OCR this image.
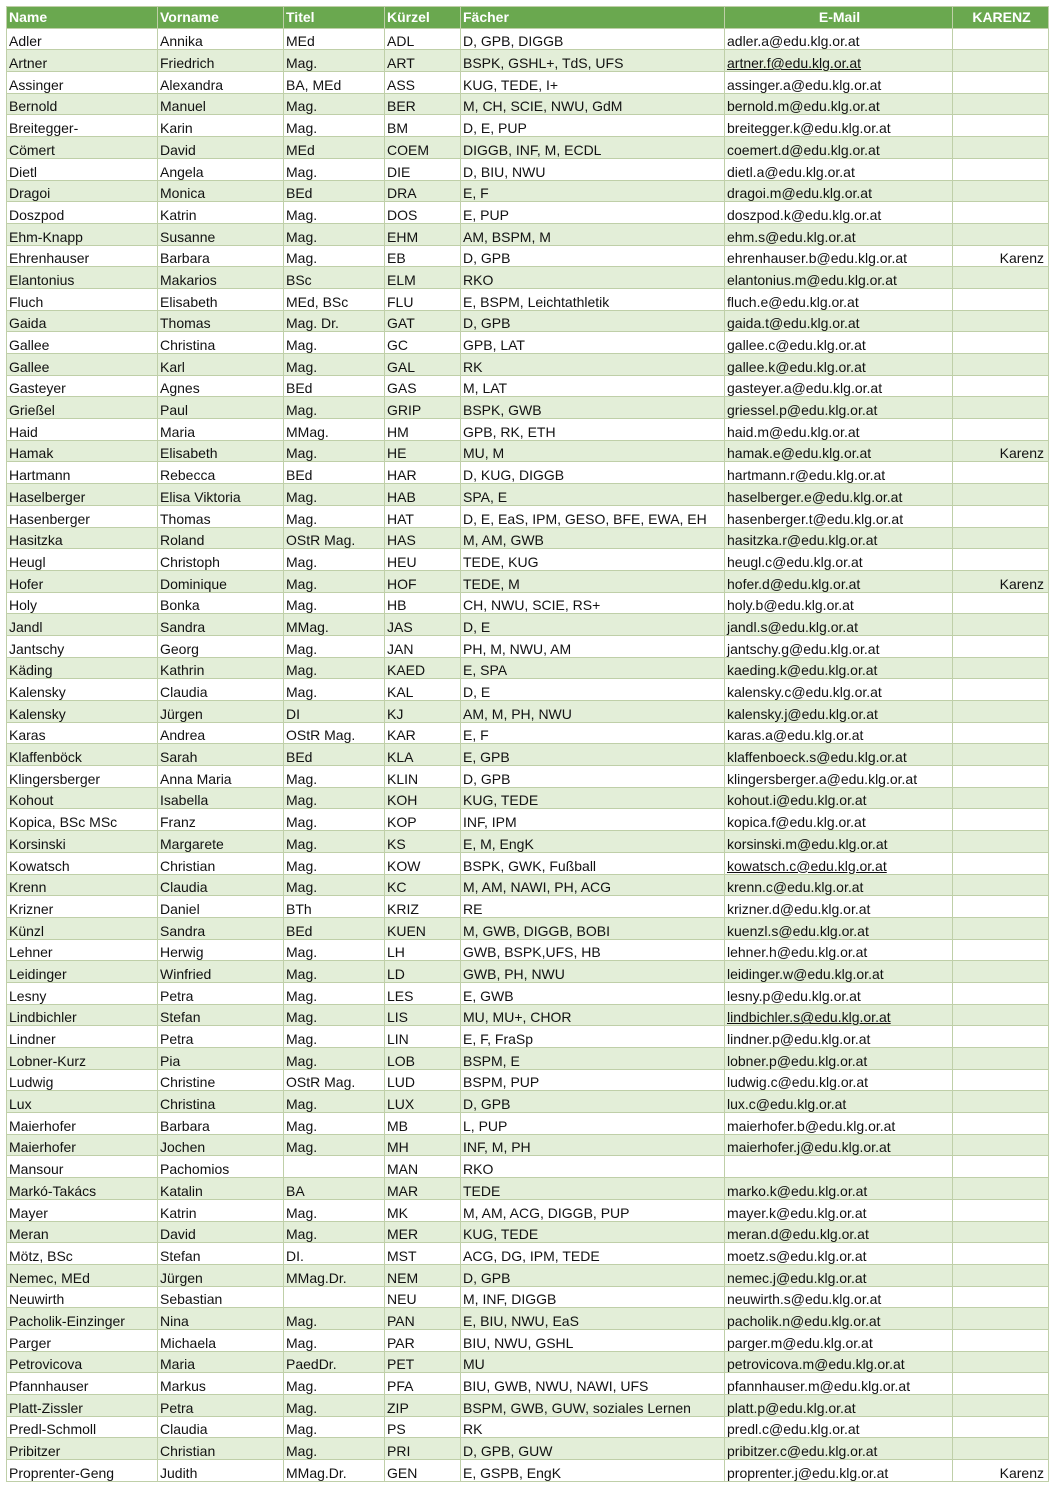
Name	Vorname	Titel	Kürzel	Fächer	E-Mail	KARENZ
Adler	Annika	MEd	ADL	D, GPB, DIGGB	adler.a@edu.klg.or.at	
Artner	Friedrich	Mag.	ART	BSPK, GSHL+, TdS, UFS	artner.f@edu.klg.or.at	
Assinger	Alexandra	BA, MEd	ASS	KUG, TEDE, I+	assinger.a@edu.klg.or.at	
Bernold	Manuel	Mag.	BER	M, CH, SCIE, NWU, GdM	bernold.m@edu.klg.or.at	
Breitegger-	Karin	Mag.	BM	D, E, PUP	breitegger.k@edu.klg.or.at	
Cömert	David	MEd	COEM	DIGGB, INF, M, ECDL	coemert.d@edu.klg.or.at	
Dietl	Angela	Mag.	DIE	D, BIU, NWU	dietl.a@edu.klg.or.at	
Dragoi	Monica	BEd	DRA	E, F	dragoi.m@edu.klg.or.at	
Doszpod	Katrin	Mag.	DOS	E, PUP	doszpod.k@edu.klg.or.at	
Ehm-Knapp	Susanne	Mag.	EHM	AM, BSPM, M	ehm.s@edu.klg.or.at	
Ehrenhauser	Barbara	Mag.	EB	D, GPB	ehrenhauser.b@edu.klg.or.at	Karenz
Elantonius	Makarios	BSc	ELM	RKO	elantonius.m@edu.klg.or.at	
Fluch	Elisabeth	MEd, BSc	FLU	E, BSPM, Leichtathletik	fluch.e@edu.klg.or.at	
Gaida	Thomas	Mag. Dr.	GAT	D, GPB	gaida.t@edu.klg.or.at	
Gallee	Christina	Mag.	GC	GPB, LAT	gallee.c@edu.klg.or.at	
Gallee	Karl	Mag.	GAL	RK	gallee.k@edu.klg.or.at	
Gasteyer	Agnes	BEd	GAS	M, LAT	gasteyer.a@edu.klg.or.at	
Grießel	Paul	Mag.	GRIP	BSPK, GWB	griessel.p@edu.klg.or.at	
Haid	Maria	MMag.	HM	GPB, RK, ETH	haid.m@edu.klg.or.at	
Hamak	Elisabeth	Mag.	HE	MU, M	hamak.e@edu.klg.or.at	Karenz
Hartmann	Rebecca	BEd	HAR	D, KUG, DIGGB	hartmann.r@edu.klg.or.at	
Haselberger	Elisa Viktoria	Mag.	HAB	SPA, E	haselberger.e@edu.klg.or.at	
Hasenberger	Thomas	Mag.	HAT	D, E, EaS, IPM, GESO, BFE, EWA, EH	hasenberger.t@edu.klg.or.at	
Hasitzka	Roland	OStR Mag.	HAS	M, AM, GWB	hasitzka.r@edu.klg.or.at	
Heugl	Christoph	Mag.	HEU	TEDE, KUG	heugl.c@edu.klg.or.at	
Hofer	Dominique	Mag.	HOF	TEDE, M	hofer.d@edu.klg.or.at	Karenz
Holy	Bonka	Mag.	HB	CH, NWU, SCIE, RS+	holy.b@edu.klg.or.at	
Jandl	Sandra	MMag.	JAS	D, E	jandl.s@edu.klg.or.at	
Jantschy	Georg	Mag.	JAN	PH, M, NWU, AM	jantschy.g@edu.klg.or.at	
Käding	Kathrin	Mag.	KAED	E, SPA	kaeding.k@edu.klg.or.at	
Kalensky	Claudia	Mag.	KAL	D, E	kalensky.c@edu.klg.or.at	
Kalensky	Jürgen	DI	KJ	AM, M, PH, NWU	kalensky.j@edu.klg.or.at	
Karas	Andrea	OStR Mag.	KAR	E, F	karas.a@edu.klg.or.at	
Klaffenböck	Sarah	BEd	KLA	E, GPB	klaffenboeck.s@edu.klg.or.at	
Klingersberger	Anna Maria	Mag.	KLIN	D, GPB	klingersberger.a@edu.klg.or.at	
Kohout	Isabella	Mag.	KOH	KUG, TEDE	kohout.i@edu.klg.or.at	
Kopica, BSc MSc	Franz	Mag.	KOP	INF, IPM	kopica.f@edu.klg.or.at	
Korsinski	Margarete	Mag.	KS	E, M, EngK	korsinski.m@edu.klg.or.at	
Kowatsch	Christian	Mag.	KOW	BSPK, GWK, Fußball	kowatsch.c@edu.klg.or.at	
Krenn	Claudia	Mag.	KC	M, AM, NAWI, PH, ACG	krenn.c@edu.klg.or.at	
Krizner	Daniel	BTh	KRIZ	RE	krizner.d@edu.klg.or.at	
Künzl	Sandra	BEd	KUEN	M, GWB, DIGGB, BOBI	kuenzl.s@edu.klg.or.at	
Lehner	Herwig	Mag.	LH	GWB, BSPK,UFS, HB	lehner.h@edu.klg.or.at	
Leidinger	Winfried	Mag.	LD	GWB, PH, NWU	leidinger.w@edu.klg.or.at	
Lesny	Petra	Mag.	LES	E, GWB	lesny.p@edu.klg.or.at	
Lindbichler	Stefan	Mag.	LIS	MU, MU+, CHOR	lindbichler.s@edu.klg.or.at	
Lindner	Petra	Mag.	LIN	E, F, FraSp	lindner.p@edu.klg.or.at	
Lobner-Kurz	Pia	Mag.	LOB	BSPM, E	lobner.p@edu.klg.or.at	
Ludwig	Christine	OStR Mag.	LUD	BSPM, PUP	ludwig.c@edu.klg.or.at	
Lux	Christina	Mag.	LUX	D, GPB	lux.c@edu.klg.or.at	
Maierhofer	Barbara	Mag.	MB	L, PUP	maierhofer.b@edu.klg.or.at	
Maierhofer	Jochen	Mag.	MH	INF, M, PH	maierhofer.j@edu.klg.or.at	
Mansour	Pachomios		MAN	RKO		
Markó-Takács	Katalin	BA	MAR	TEDE	marko.k@edu.klg.or.at	
Mayer	Katrin	Mag.	MK	M, AM, ACG, DIGGB, PUP	mayer.k@edu.klg.or.at	
Meran	David	Mag.	MER	KUG, TEDE	meran.d@edu.klg.or.at	
Mötz, BSc	Stefan	DI.	MST	ACG, DG, IPM, TEDE	moetz.s@edu.klg.or.at	
Nemec, MEd	Jürgen	MMag.Dr.	NEM	D, GPB	nemec.j@edu.klg.or.at	
Neuwirth	Sebastian		NEU	M, INF, DIGGB	neuwirth.s@edu.klg.or.at	
Pacholik-Einzinger	Nina	Mag.	PAN	E, BIU, NWU, EaS	pacholik.n@edu.klg.or.at	
Parger	Michaela	Mag.	PAR	BIU, NWU, GSHL	parger.m@edu.klg.or.at	
Petrovicova	Maria	PaedDr.	PET	MU	petrovicova.m@edu.klg.or.at	
Pfannhauser	Markus	Mag.	PFA	BIU, GWB, NWU, NAWI, UFS	pfannhauser.m@edu.klg.or.at	
Platt-Zissler	Petra	Mag.	ZIP	BSPM, GWB, GUW, soziales Lernen	platt.p@edu.klg.or.at	
Predl-Schmoll	Claudia	Mag.	PS	RK	predl.c@edu.klg.or.at	
Pribitzer	Christian	Mag.	PRI	D, GPB, GUW	pribitzer.c@edu.klg.or.at	
Proprenter-Geng	Judith	MMag.Dr.	GEN	E, GSPB, EngK	proprenter.j@edu.klg.or.at	Karenz
